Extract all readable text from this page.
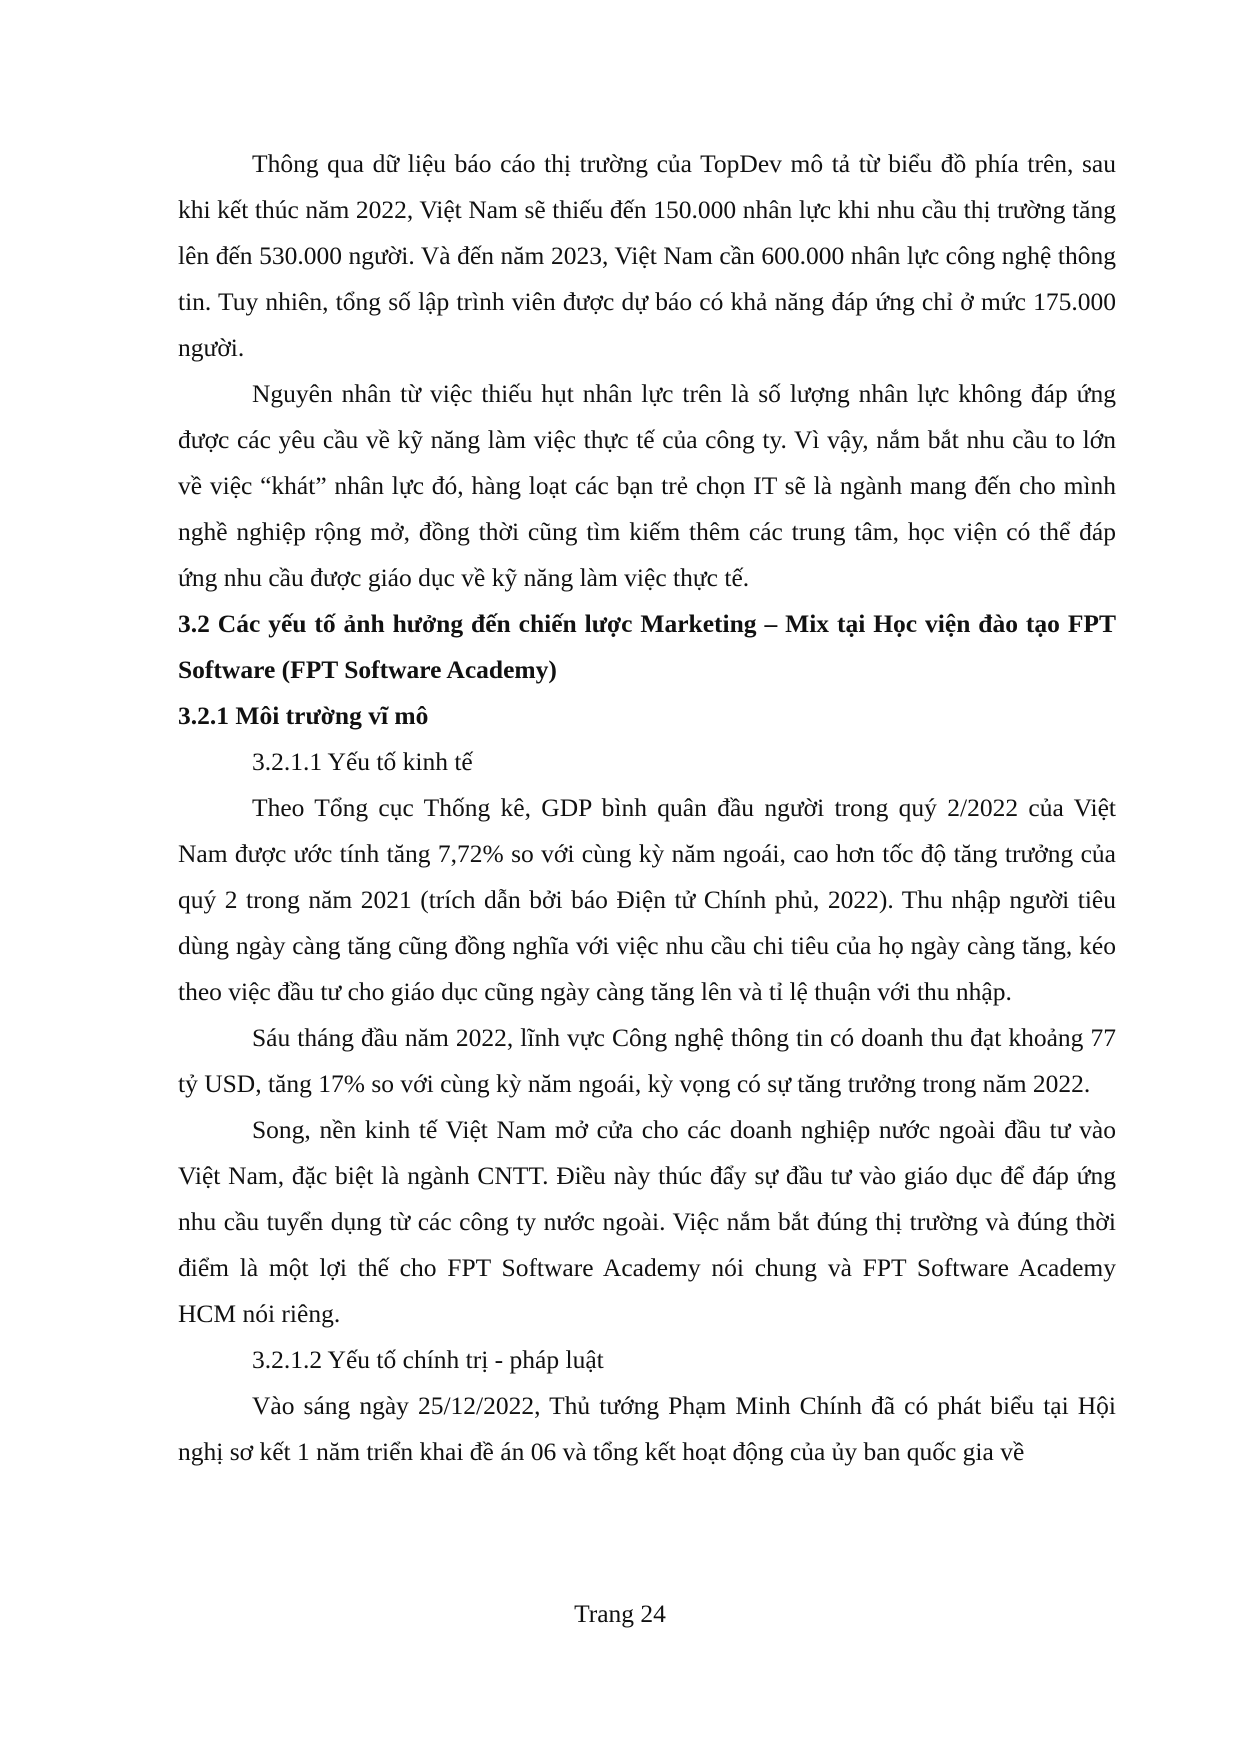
Thông qua dữ liệu báo cáo thị trường của TopDev mô tả từ biểu đồ phía trên, sau khi kết thúc năm 2022, Việt Nam sẽ thiếu đến 150.000 nhân lực khi nhu cầu thị trường tăng lên đến 530.000 người. Và đến năm 2023, Việt Nam cần 600.000 nhân lực công nghệ thông tin. Tuy nhiên, tổng số lập trình viên được dự báo có khả năng đáp ứng chỉ ở mức 175.000 người.

Nguyên nhân từ việc thiếu hụt nhân lực trên là số lượng nhân lực không đáp ứng được các yêu cầu về kỹ năng làm việc thực tế của công ty. Vì vậy, nắm bắt nhu cầu to lớn về việc “khát” nhân lực đó, hàng loạt các bạn trẻ chọn IT sẽ là ngành mang đến cho mình nghề nghiệp rộng mở, đồng thời cũng tìm kiếm thêm các trung tâm, học viện có thể đáp ứng nhu cầu được giáo dục về kỹ năng làm việc thực tế.

3.2 Các yếu tố ảnh hưởng đến chiến lược Marketing – Mix tại Học viện đào tạo FPT Software (FPT Software Academy)
3.2.1 Môi trường vĩ mô
3.2.1.1 Yếu tố kinh tế

Theo Tổng cục Thống kê, GDP bình quân đầu người trong quý 2/2022 của Việt Nam được ước tính tăng 7,72% so với cùng kỳ năm ngoái, cao hơn tốc độ tăng trưởng của quý 2 trong năm 2021 (trích dẫn bởi báo Điện tử Chính phủ, 2022). Thu nhập người tiêu dùng ngày càng tăng cũng đồng nghĩa với việc nhu cầu chi tiêu của họ ngày càng tăng, kéo theo việc đầu tư cho giáo dục cũng ngày càng tăng lên và tỉ lệ thuận với thu nhập.

Sáu tháng đầu năm 2022, lĩnh vực Công nghệ thông tin có doanh thu đạt khoảng 77 tỷ USD, tăng 17% so với cùng kỳ năm ngoái, kỳ vọng có sự tăng trưởng trong năm 2022.

Song, nền kinh tế Việt Nam mở cửa cho các doanh nghiệp nước ngoài đầu tư vào Việt Nam, đặc biệt là ngành CNTT. Điều này thúc đẩy sự đầu tư vào giáo dục để đáp ứng nhu cầu tuyển dụng từ các công ty nước ngoài. Việc nắm bắt đúng thị trường và đúng thời điểm là một lợi thế cho FPT Software Academy nói chung và FPT Software Academy HCM nói riêng.

3.2.1.2 Yếu tố chính trị - pháp luật

Vào sáng ngày 25/12/2022, Thủ tướng Phạm Minh Chính đã có phát biểu tại Hội nghị sơ kết 1 năm triển khai đề án 06 và tổng kết hoạt động của ủy ban quốc gia về

Trang 24
